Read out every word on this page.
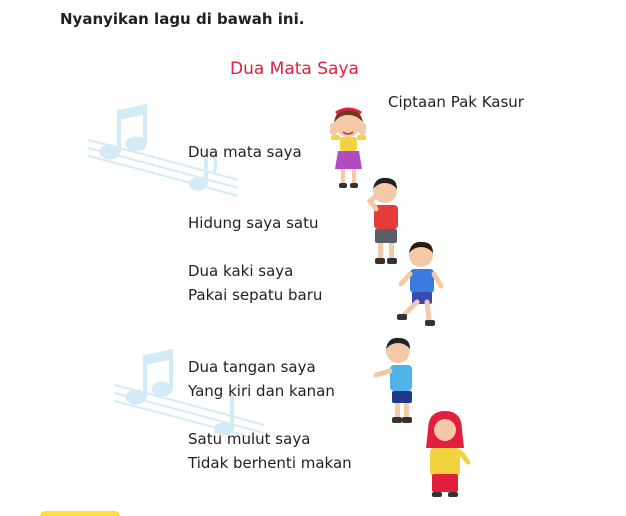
Nyanyikan lagu di bawah ini.
Dua Mata Saya
Ciptaan Pak Kasur
Dua mata saya
Hidung saya satu
Dua kaki saya
Pakai sepatu baru
Dua tangan saya
Yang kiri dan kanan
Satu mulut saya
Tidak berhenti makan
